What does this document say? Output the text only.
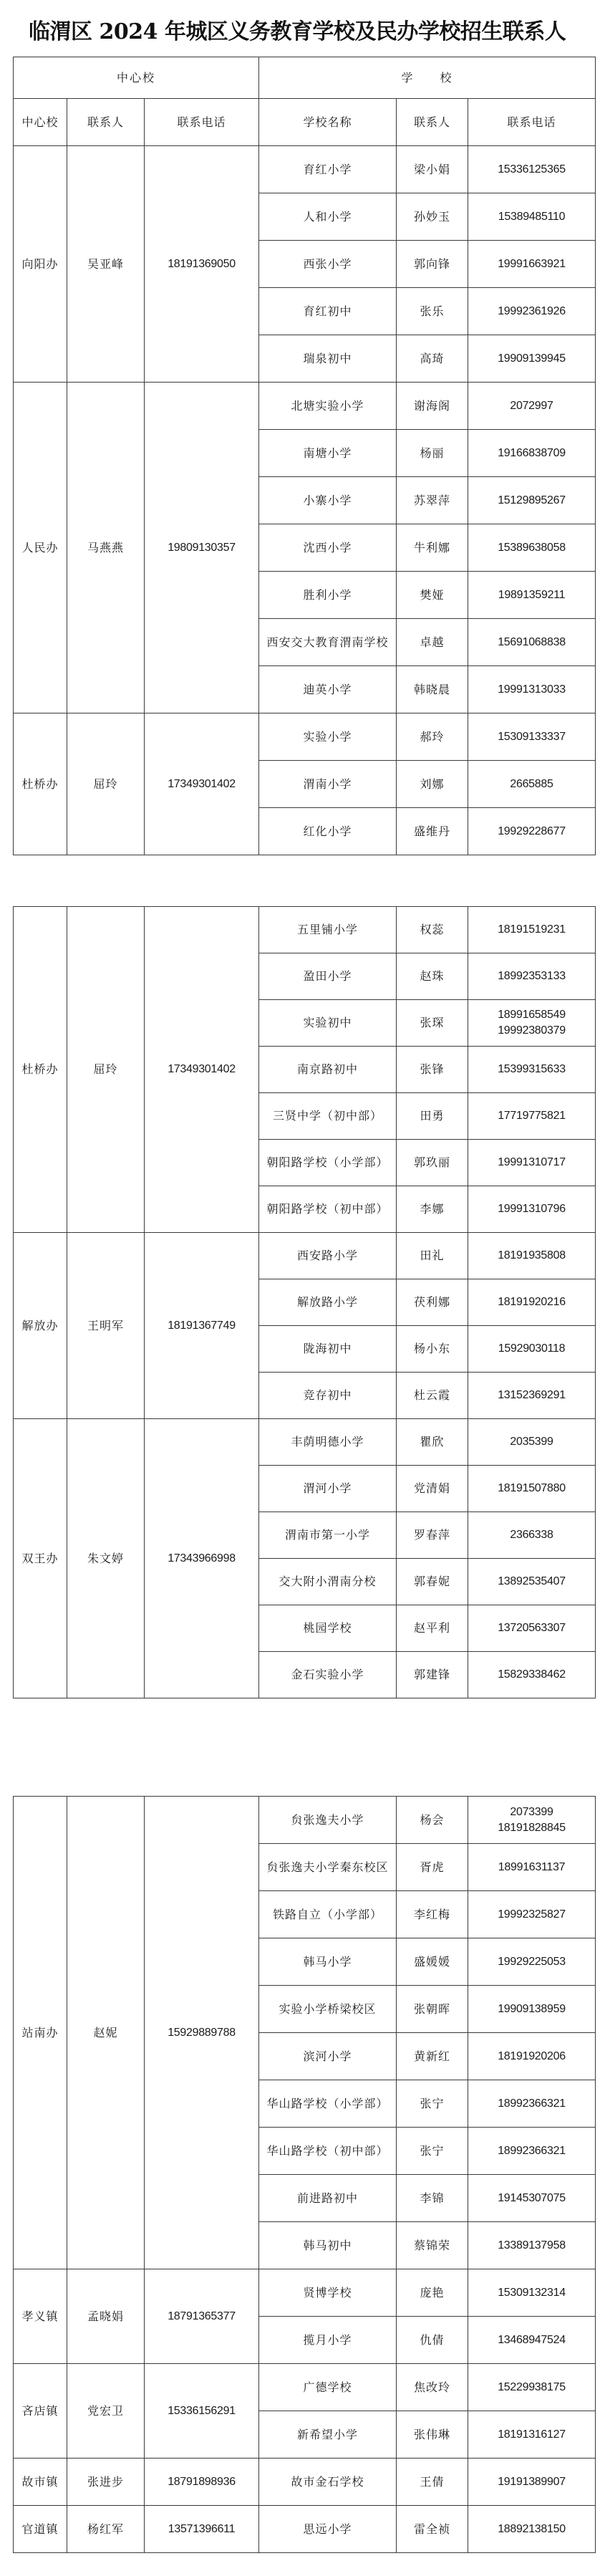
临渭区 2024 年城区义务教育学校及民办学校招生联系人
中心校			学　　校		
中心校	联系人	联系电话	学校名称	联系人	联系电话
向阳办	吴亚峰	18191369050	育红小学	梁小娟	15336125365

			人和小学	孙妙玉	15389485110

			西张小学	郭向锋	19991663921

			育红初中	张乐	19992361926

			瑞泉初中	高琦	19909139945

人民办	马燕燕	19809130357	北塘实验小学	谢海阁	2072997

			南塘小学	杨丽	19166838709

			小寨小学	苏翠萍	15129895267

			沈西小学	牛利娜	15389638058

			胜利小学	樊娅	19891359211

			西安交大教育渭南学校	卓越	15691068838

			迪英小学	韩晓晨	19991313033

杜桥办	屈玲	17349301402	实验小学	郝玲	15309133337

			渭南小学	刘娜	2665885

			红化小学	盛维丹	19929228677
杜桥办	屈玲	17349301402	五里铺小学	权蕊	18191519231

			盈田小学	赵珠	18992353133

			实验初中	张琛	18991658549
19992380379

			南京路初中	张锋	15399315633

			三贤中学（初中部）	田勇	17719775821

			朝阳路学校（小学部）	郭玖丽	19991310717

			朝阳路学校（初中部）	李娜	19991310796

解放办	王明军	18191367749	西安路小学	田礼	18191935808

			解放路小学	茯利娜	18191920216

			陇海初中	杨小东	15929030118

			竞存初中	杜云霞	13152369291

双王办	朱文婷	17343966998	丰荫明德小学	瞿欣	2035399

			渭河小学	党清娟	18191507880

			渭南市第一小学	罗春萍	2366338

			交大附小渭南分校	郭春妮	13892535407

			桃园学校	赵平利	13720563307

			金石实验小学	郭建锋	15829338462
站南办	赵妮	15929889788	贠张逸夫小学	杨会	2073399
18191828845

			贠张逸夫小学秦东校区	胥虎	18991631137

			铁路自立（小学部）	李红梅	19992325827

			韩马小学	盛媛媛	19929225053

			实验小学桥梁校区	张朝晖	19909138959

			滨河小学	黄新红	18191920206

			华山路学校（小学部）	张宁	18992366321

			华山路学校（初中部）	张宁	18992366321

			前进路初中	李锦	19145307075

			韩马初中	蔡锦荣	13389137958

孝义镇	孟晓娟	18791365377	贤博学校	庞艳	15309132314

			揽月小学	仇倩	13468947524

吝店镇	党宏卫	15336156291	广德学校	焦改玲	15229938175

			新希望小学	张伟琳	18191316127

故市镇	张进步	18791898936	故市金石学校	王倩	19191389907

官道镇	杨红军	13571396611	思远小学	雷全祯	18892138150
